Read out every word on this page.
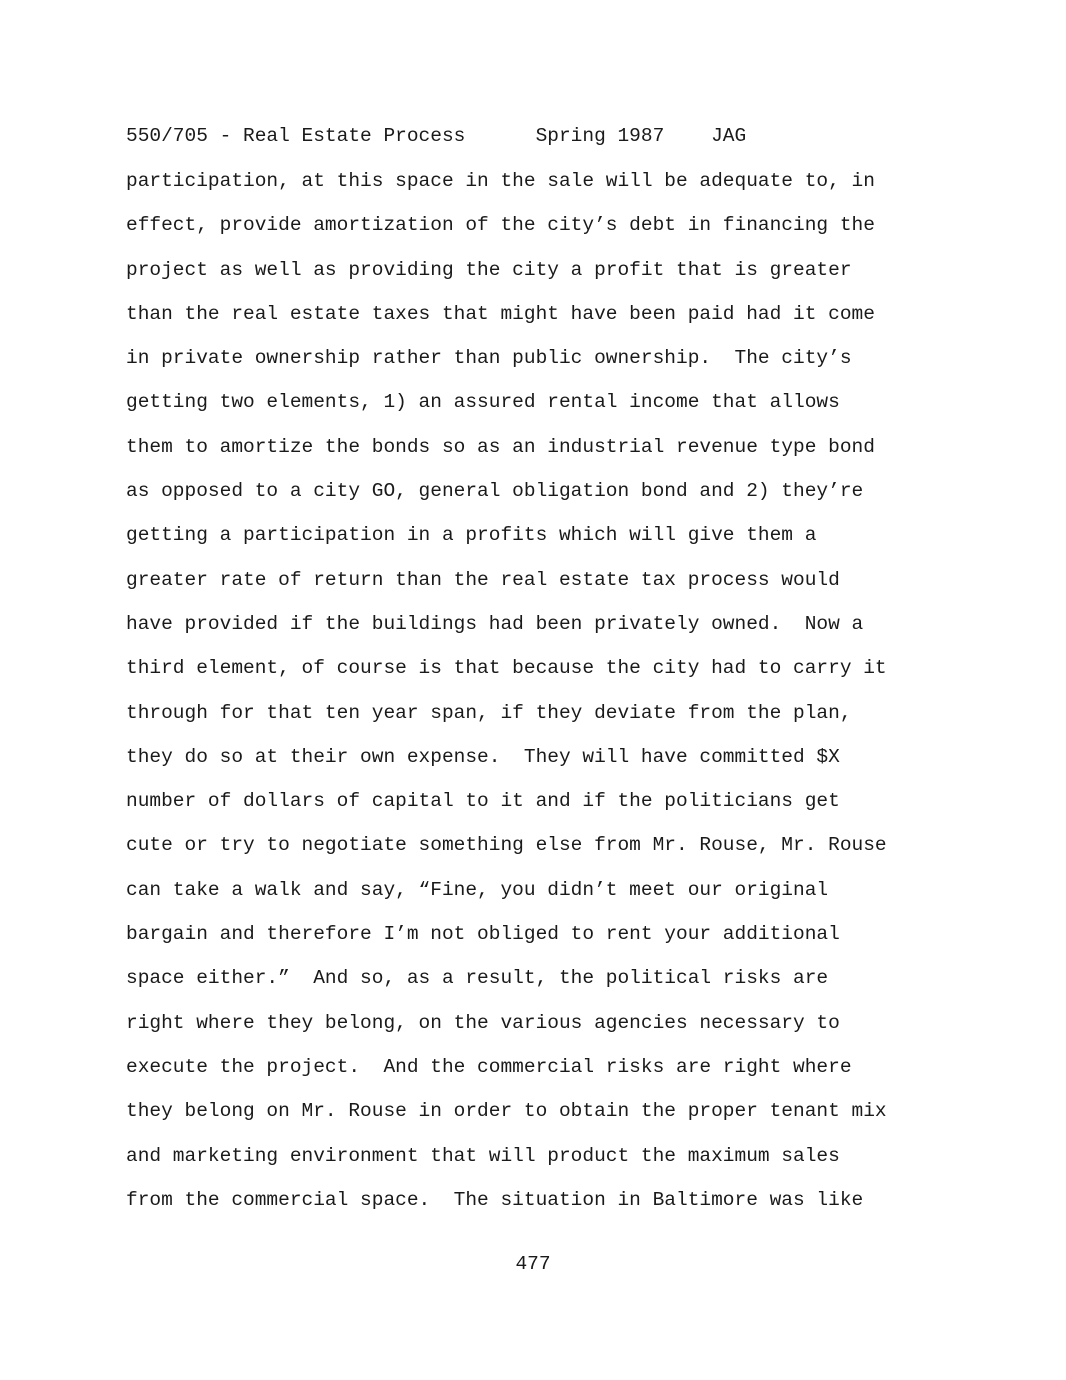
550/705 - Real Estate Process      Spring 1987    JAG

participation, at this space in the sale will be adequate to, in
effect, provide amortization of the city’s debt in financing the
project as well as providing the city a profit that is greater
than the real estate taxes that might have been paid had it come
in private ownership rather than public ownership.  The city’s
getting two elements, 1) an assured rental income that allows
them to amortize the bonds so as an industrial revenue type bond
as opposed to a city GO, general obligation bond and 2) they’re
getting a participation in a profits which will give them a
greater rate of return than the real estate tax process would
have provided if the buildings had been privately owned.  Now a
third element, of course is that because the city had to carry it
through for that ten year span, if they deviate from the plan,
they do so at their own expense.  They will have committed $X
number of dollars of capital to it and if the politicians get
cute or try to negotiate something else from Mr. Rouse, Mr. Rouse
can take a walk and say, “Fine, you didn’t meet our original
bargain and therefore I’m not obliged to rent your additional
space either.”  And so, as a result, the political risks are
right where they belong, on the various agencies necessary to
execute the project.  And the commercial risks are right where
they belong on Mr. Rouse in order to obtain the proper tenant mix
and marketing environment that will product the maximum sales
from the commercial space.  The situation in Baltimore was like

477
